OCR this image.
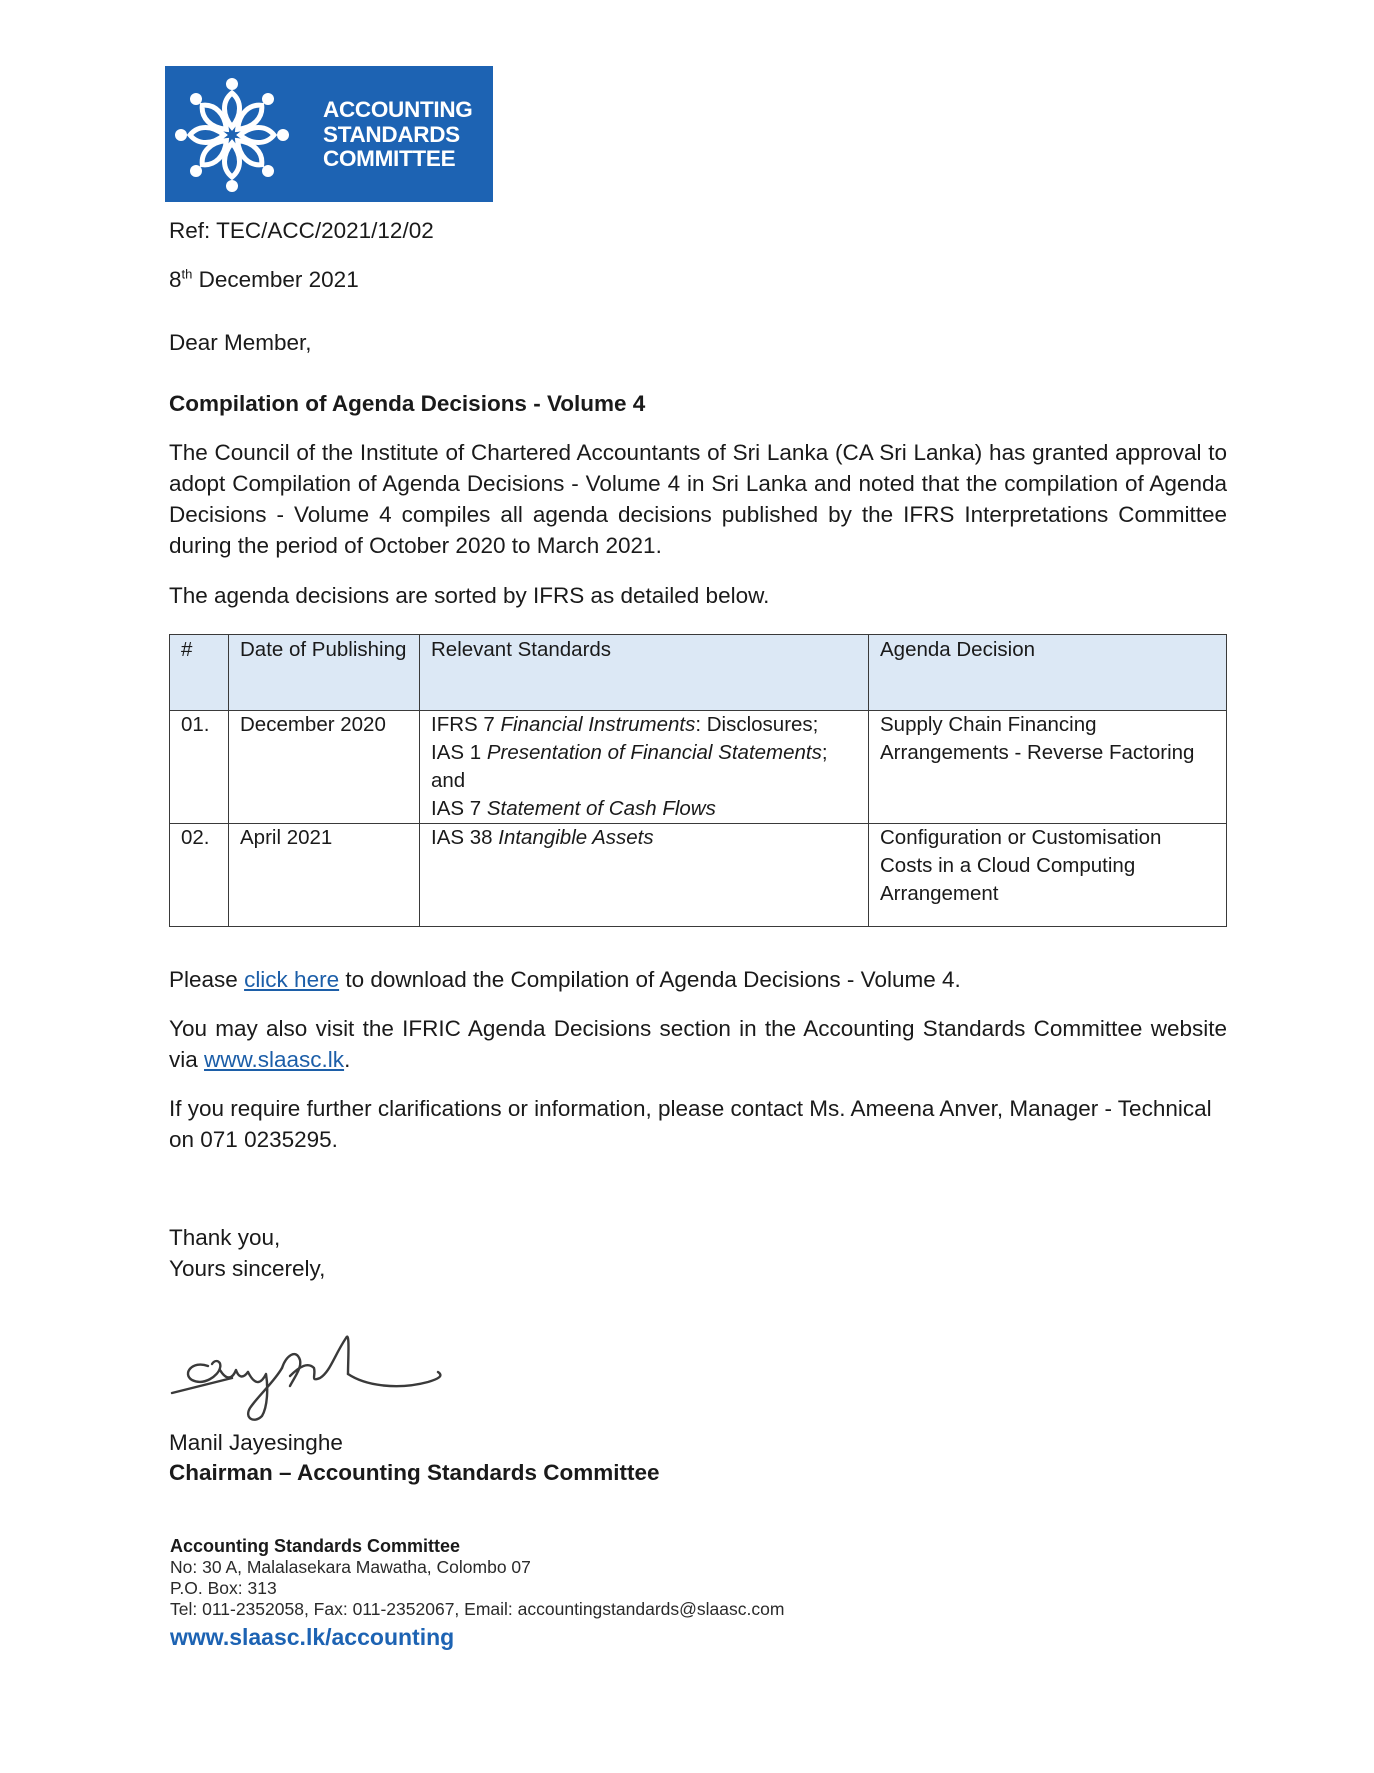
ACCOUNTING
STANDARDS
COMMITTEE
Ref: TEC/ACC/2021/12/02
8th December 2021
Dear Member,
Compilation of Agenda Decisions - Volume 4
The Council of the Institute of Chartered Accountants of Sri Lanka (CA Sri Lanka) has granted approval to adopt Compilation of Agenda Decisions - Volume 4 in Sri Lanka and noted that the compilation of Agenda Decisions - Volume 4 compiles all agenda decisions published by the IFRS Interpretations Committee during the period of October 2020 to March 2021.
The agenda decisions are sorted by IFRS as detailed below.
#	Date of Publishing	Relevant Standards	Agenda Decision
01.	December 2020	IFRS 7 Financial Instruments: Disclosures;
IAS 1 Presentation of Financial Statements;
and
IAS 7 Statement of Cash Flows	Supply Chain Financing Arrangements - Reverse Factoring
02.	April 2021	IAS 38 Intangible Assets	Configuration or Customisation Costs in a Cloud Computing Arrangement
Please click here to download the Compilation of Agenda Decisions - Volume 4.
You may also visit the IFRIC Agenda Decisions section in the Accounting Standards Committee website via www.slaasc.lk.
If you require further clarifications or information, please contact Ms. Ameena Anver, Manager - Technical on 071 0235295.
Thank you,
Yours sincerely,
Manil Jayesinghe
Chairman – Accounting Standards Committee
Accounting Standards Committee
No: 30 A, Malalasekara Mawatha, Colombo 07
P.O. Box: 313
Tel: 011-2352058, Fax: 011-2352067, Email: accountingstandards@slaasc.com
www.slaasc.lk/accounting
